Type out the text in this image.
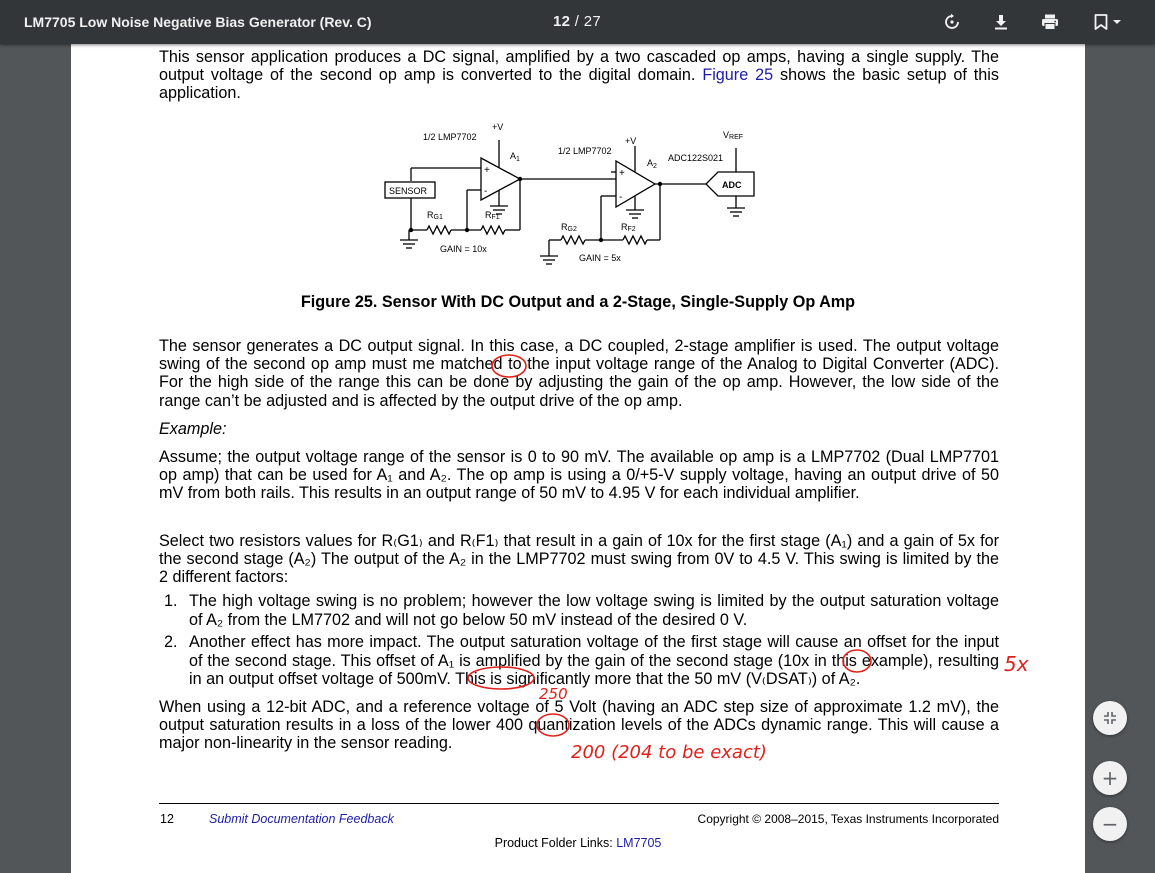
LM7705 Low Noise Negative Bias Generator (Rev. C)	12 / 27

This sensor application produces a DC signal, amplified by a two cascaded op amps, having a single supply. The output voltage of the second op amp is converted to the digital domain. Figure 25 shows the basic setup of this application.

1/2 LMP7702
+V
$A_1$
+
-
1/2 LMP7702
+V
$A_2$
+
-
VREF
ADC122S021
ADC
SENSOR
RG1	RF1
RG2	RF2
GAIN = 10x
GAIN = 5x
Figure 25. Sensor With DC Output and a 2-Stage, Single-Supply Op Amp

The sensor generates a DC output signal. In this case, a DC coupled, 2-stage amplifier is used. The output voltage swing of the second op amp must me matched to the input voltage range of the Analog to Digital Converter (ADC). For the high side of the range this can be done by adjusting the gain of the op amp. However, the low side of the range can’t be adjusted and is affected by the output drive of the op amp.

Example:

Assume; the output voltage range of the sensor is 0 to 90 mV. The available op amp is a LMP7702 (Dual LMP7701 op amp) that can be used for A₁ and A₂. The op amp is using a 0/+5-V supply voltage, having an output drive of 50 mV from both rails. This results in an output range of 50 mV to 4.95 V for each individual amplifier.

Select two resistors values for R₍G1₎ and R₍F1₎ that result in a gain of 10x for the first stage (A₁) and a gain of 5x for the second stage (A₂) The output of the A₂ in the LMP7702 must swing from 0V to 4.5 V. This swing is limited by the 2 different factors:

1. The high voltage swing is no problem; however the low voltage swing is limited by the output saturation voltage of A₂ from the LM7702 and will not go below 50 mV instead of the desired 0 V.
2. Another effect has more impact. The output saturation voltage of the first stage will cause an offset for the input of the second stage. This offset of A₁ is amplified by the gain of the second stage (10x in this example), resulting in an output offset voltage of 500mV. This is significantly more that the 50 mV (V₍DSAT₎) of A₂.

When using a 12-bit ADC, and a reference voltage of 5 Volt (having an ADC step size of approximate 1.2 mV), the output saturation results in a loss of the lower 400 quantization levels of the ADCs dynamic range. This will cause a major non-linearity in the sensor reading.

5x
250
200 (204 to be exact)
12	Submit Documentation Feedback	Copyright © 2008–2015, Texas Instruments Incorporated
Product Folder Links: LM7705
+
−
